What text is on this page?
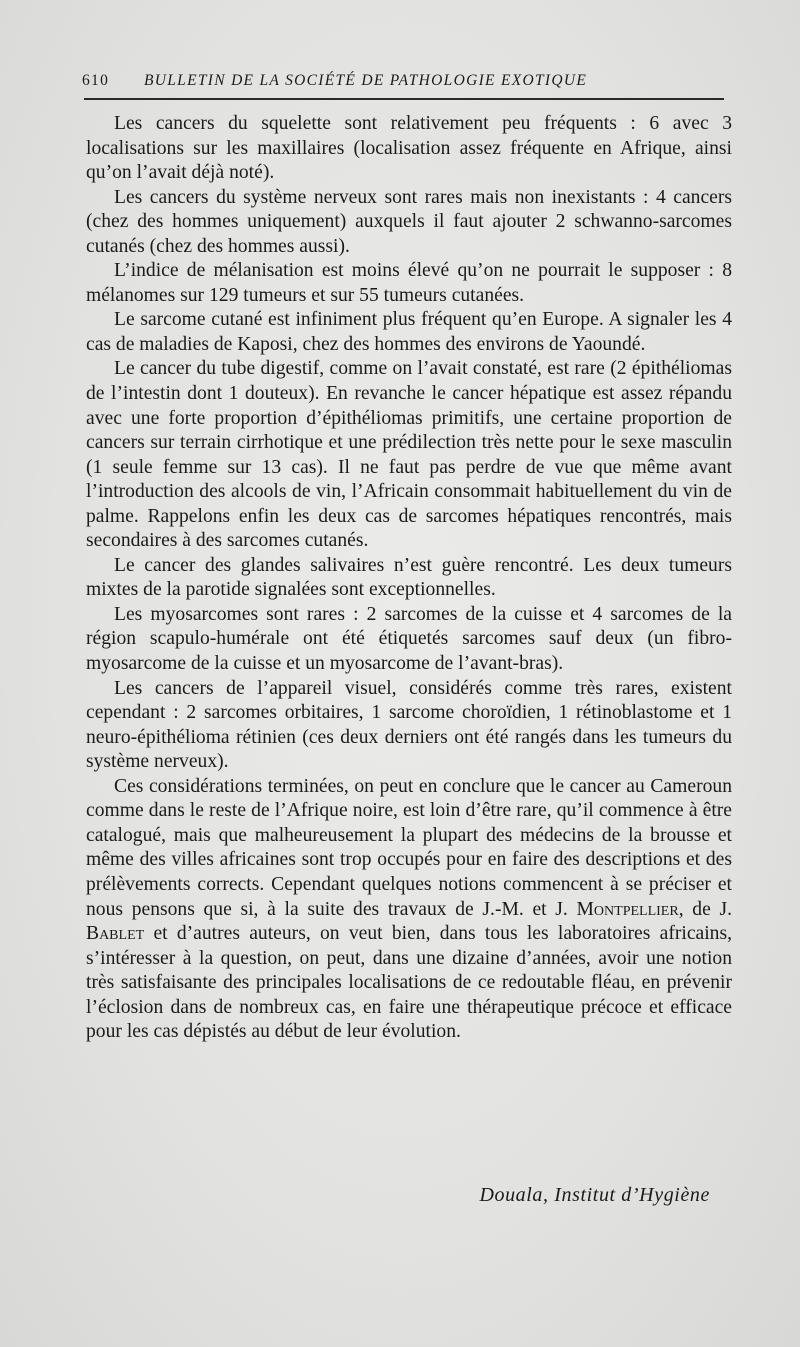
610 BULLETIN DE LA SOCIÉTÉ DE PATHOLOGIE EXOTIQUE

Les cancers du squelette sont relativement peu fréquents : 6 avec 3 localisations sur les maxillaires (localisation assez fréquente en Afrique, ainsi qu’on l’avait déjà noté).

Les cancers du système nerveux sont rares mais non inexistants : 4 cancers (chez des hommes uniquement) auxquels il faut ajouter 2 schwanno-sarcomes cutanés (chez des hommes aussi).

L’indice de mélanisation est moins élevé qu’on ne pourrait le supposer : 8 mélanomes sur 129 tumeurs et sur 55 tumeurs cutanées.

Le sarcome cutané est infiniment plus fréquent qu’en Europe. A signaler les 4 cas de maladies de Kaposi, chez des hommes des environs de Yaoundé.

Le cancer du tube digestif, comme on l’avait constaté, est rare (2 épithéliomas de l’intestin dont 1 douteux). En revanche le cancer hépatique est assez répandu avec une forte proportion d’épithéliomas primitifs, une certaine proportion de cancers sur terrain cirrhotique et une prédilection très nette pour le sexe masculin (1 seule femme sur 13 cas). Il ne faut pas perdre de vue que même avant l’introduction des alcools de vin, l’Africain consommait habituellement du vin de palme. Rappelons enfin les deux cas de sarcomes hépatiques rencontrés, mais secondaires à des sarcomes cutanés.

Le cancer des glandes salivaires n’est guère rencontré. Les deux tumeurs mixtes de la parotide signalées sont exceptionnelles.

Les myosarcomes sont rares : 2 sarcomes de la cuisse et 4 sarcomes de la région scapulo-humérale ont été étiquetés sarcomes sauf deux (un fibro-myosarcome de la cuisse et un myosarcome de l’avant-bras).

Les cancers de l’appareil visuel, considérés comme très rares, existent cependant : 2 sarcomes orbitaires, 1 sarcome choroïdien, 1 rétinoblastome et 1 neuro-épithélioma rétinien (ces deux derniers ont été rangés dans les tumeurs du système nerveux).

Ces considérations terminées, on peut en conclure que le cancer au Cameroun comme dans le reste de l’Afrique noire, est loin d’être rare, qu’il commence à être catalogué, mais que malheureusement la plupart des médecins de la brousse et même des villes africaines sont trop occupés pour en faire des descriptions et des prélèvements corrects. Cependant quelques notions commencent à se préciser et nous pensons que si, à la suite des travaux de J.-M. et J. Montpellier, de J. Bablet et d’autres auteurs, on veut bien, dans tous les laboratoires africains, s’intéresser à la question, on peut, dans une dizaine d’années, avoir une notion très satisfaisante des principales localisations de ce redoutable fléau, en prévenir l’éclosion dans de nombreux cas, en faire une thérapeutique précoce et efficace pour les cas dépistés au début de leur évolution.

Douala, Institut d’Hygiène
